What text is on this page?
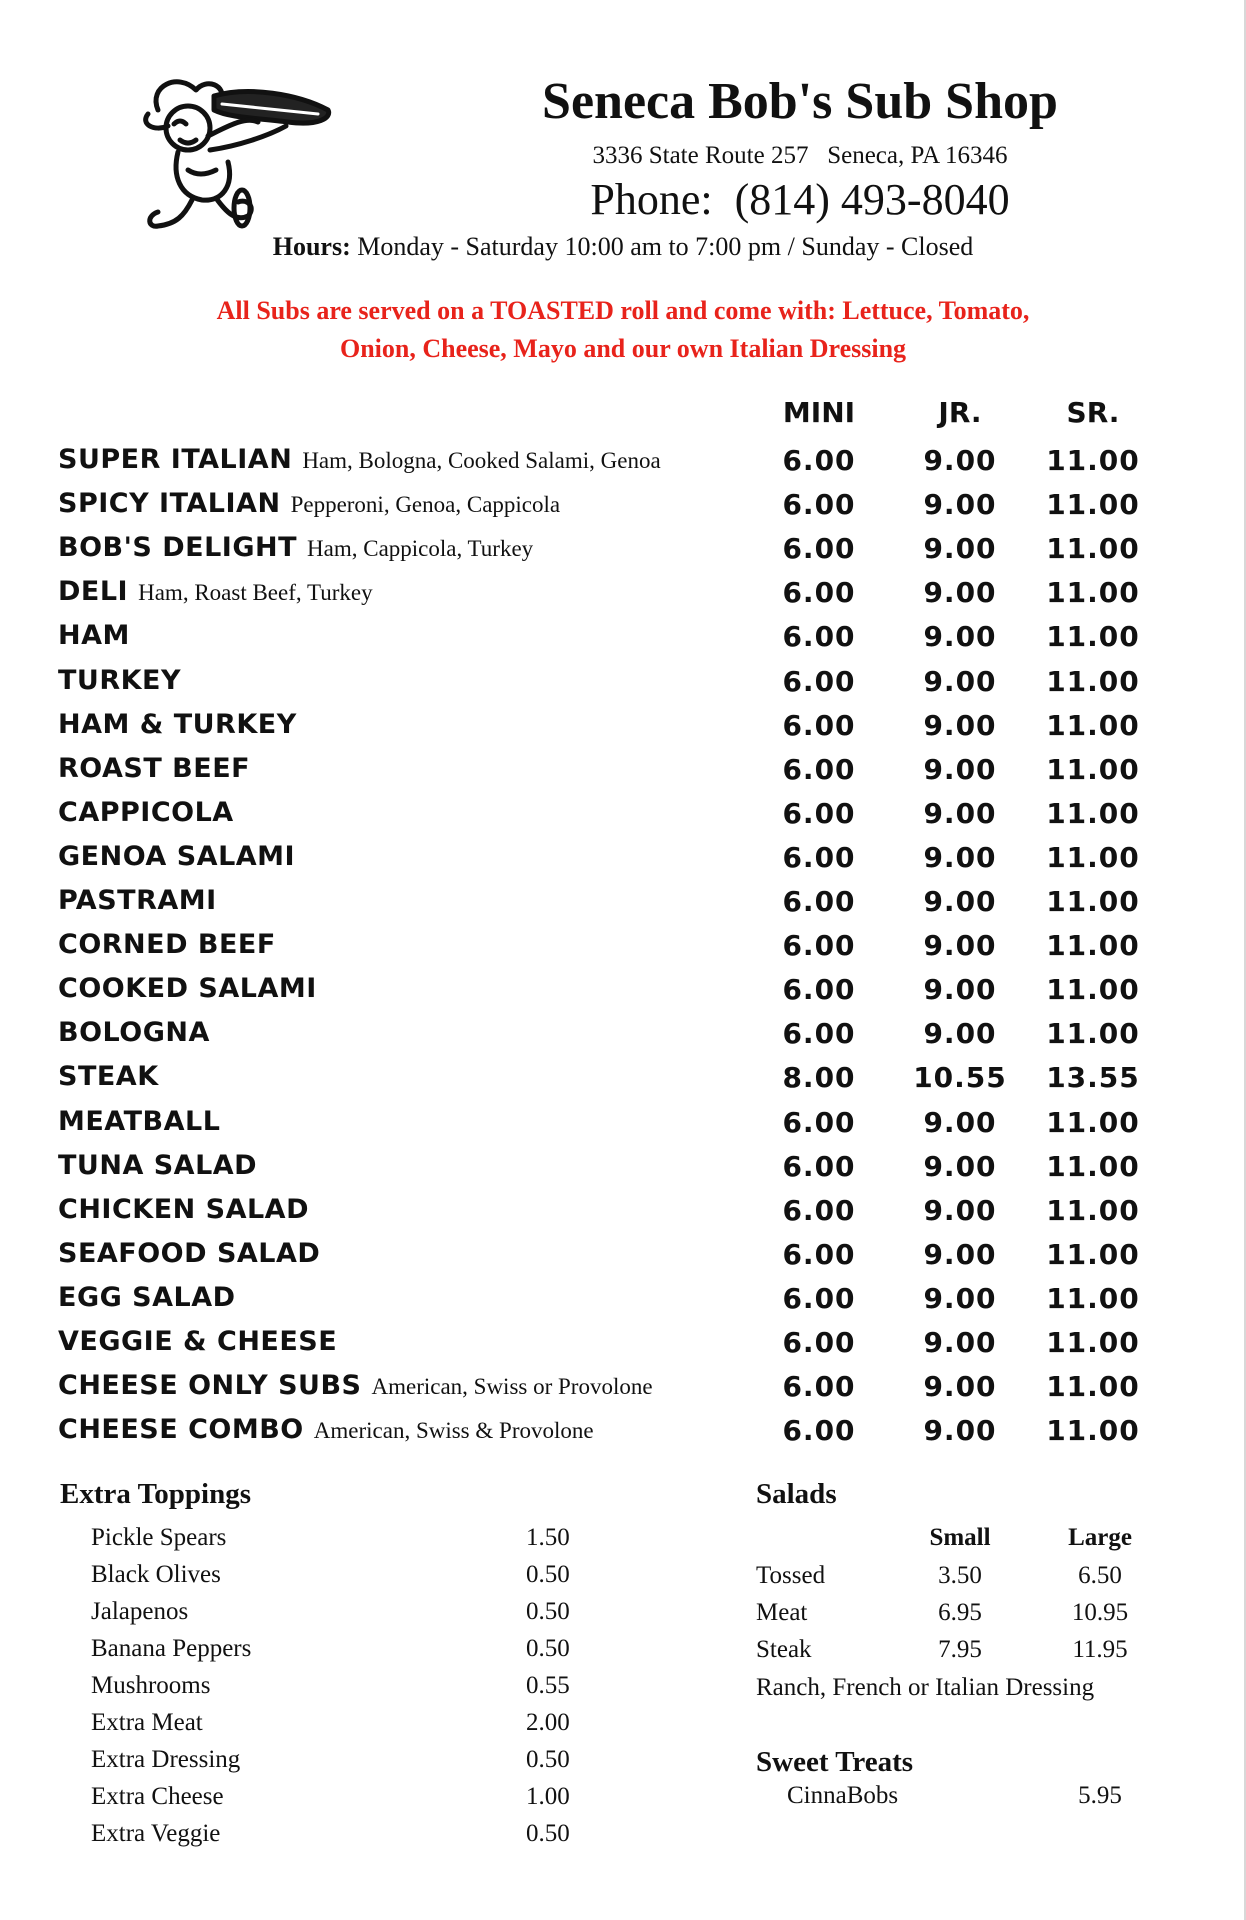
Seneca Bob's Sub Shop
3336 State Route 257   Seneca, PA 16346
Phone:  (814) 493-8040
Hours: Monday - Saturday 10:00 am to 7:00 pm / Sunday - Closed
All Subs are served on a TOASTED roll and come with: Lettuce, Tomato,
Onion, Cheese, Mayo and our own Italian Dressing
MINI	JR.	SR.
SUPER ITALIAN Ham, Bologna, Cooked Salami, Genoa	6.00	9.00	11.00
SPICY ITALIAN Pepperoni, Genoa, Cappicola	6.00	9.00	11.00
BOB'S DELIGHT Ham, Cappicola, Turkey	6.00	9.00	11.00
DELI Ham, Roast Beef, Turkey	6.00	9.00	11.00
HAM	6.00	9.00	11.00
TURKEY	6.00	9.00	11.00
HAM & TURKEY	6.00	9.00	11.00
ROAST BEEF	6.00	9.00	11.00
CAPPICOLA	6.00	9.00	11.00
GENOA SALAMI	6.00	9.00	11.00
PASTRAMI	6.00	9.00	11.00
CORNED BEEF	6.00	9.00	11.00
COOKED SALAMI	6.00	9.00	11.00
BOLOGNA	6.00	9.00	11.00
STEAK	8.00	10.55	13.55
MEATBALL	6.00	9.00	11.00
TUNA SALAD	6.00	9.00	11.00
CHICKEN SALAD	6.00	9.00	11.00
SEAFOOD SALAD	6.00	9.00	11.00
EGG SALAD	6.00	9.00	11.00
VEGGIE & CHEESE	6.00	9.00	11.00
CHEESE ONLY SUBS American, Swiss or Provolone	6.00	9.00	11.00
CHEESE COMBO American, Swiss & Provolone	6.00	9.00	11.00
Extra Toppings
Pickle Spears	1.50
Black Olives	0.50
Jalapenos	0.50
Banana Peppers	0.50
Mushrooms	0.55
Extra Meat	2.00
Extra Dressing	0.50
Extra Cheese	1.00
Extra Veggie	0.50
Salads
Small	Large
Tossed	3.50	6.50
Meat	6.95	10.95
Steak	7.95	11.95
Ranch, French or Italian Dressing
Sweet Treats
CinnaBobs	5.95
